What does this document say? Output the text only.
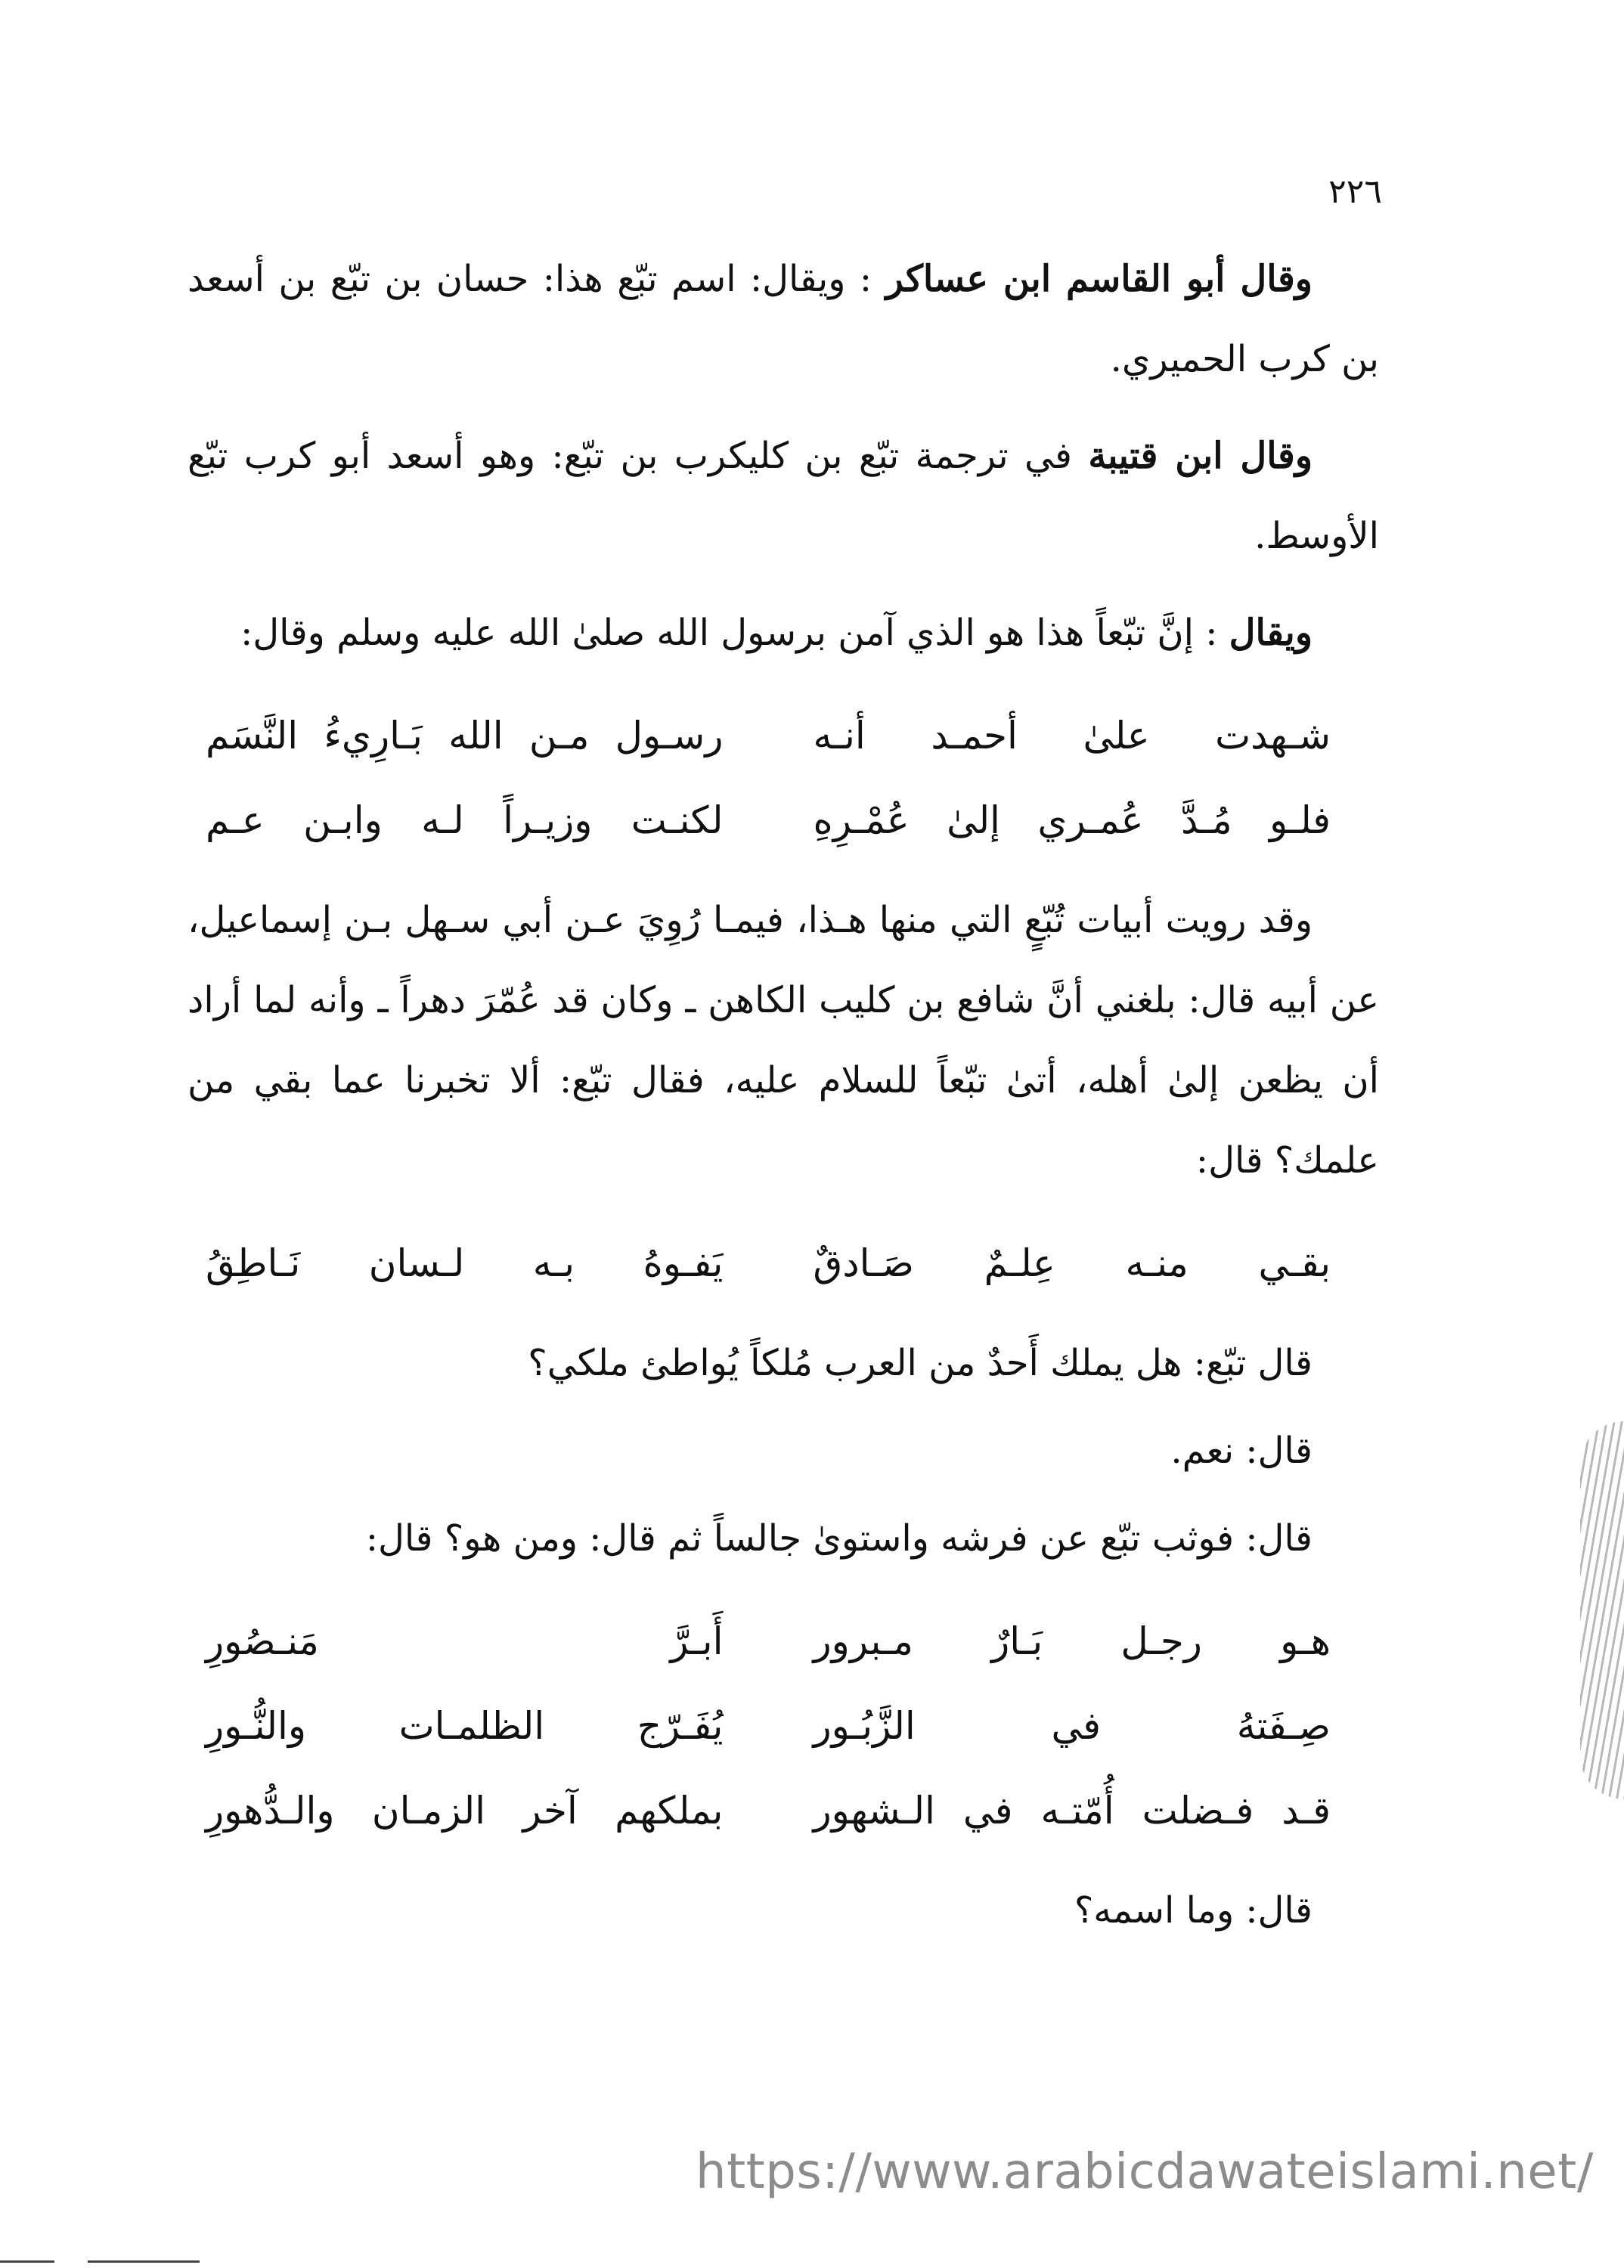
٢٢٦

وقال أبو القاسم ابن عساكر : ويقال: اسم تبّع هذا: حسان بن تبّع بن أسعد بن كرب الحميري.

وقال ابن قتيبة في ترجمة تبّع بن كليكرب بن تبّع: وهو أسعد أبو كرب تبّع الأوسط.

ويقال : إنَّ تبّعاً هذا هو الذي آمن برسول الله صلىٰ الله عليه وسلم وقال:

شـهدت علىٰ أحمـد أنـه
رسـول مـن الله بَـارِيءُ النَّسَم
فلـو مُـدَّ عُمـري إلىٰ عُمْـرِهِ
لكنـت وزيـراً لـه وابـن عـم

وقد رويت أبيات تُبّعٍ التي منها هـذا، فيمـا رُوِيَ عـن أبي سـهل بـن إسماعيل، عن أبيه قال: بلغني أنَّ شافع بن كليب الكاهن ـ وكان قد عُمّرَ دهراً ـ وأنه لما أراد أن يظعن إلىٰ أهله، أتىٰ تبّعاً للسلام عليه، فقال تبّع: ألا تخبرنا عما بقي من علمك؟ قال:

بقـي منـه عِلـمٌ صَـادقٌ
يَفـوهُ بـه لـسان نَـاطِقُ

قال تبّع: هل يملك أَحدٌ من العرب مُلكاً يُواطئ ملكي؟

قال: نعم.

قال: فوثب تبّع عن فرشه واستوىٰ جالساً ثم قال: ومن هو؟ قال:

هـو رجـل بَـارٌ مـبرور
أَبـرَّ مَنـصُورِ
صِـفَتهُ في الزَّبُـور
يُفَـرّج الظلمـات والنُّـورِ
قـد فـضلت أُمّتـه في الـشهور
بملكهم آخر الزمـان والـدُّهورِ

قال: وما اسمه؟

https://www.arabicdawateislami.net/
